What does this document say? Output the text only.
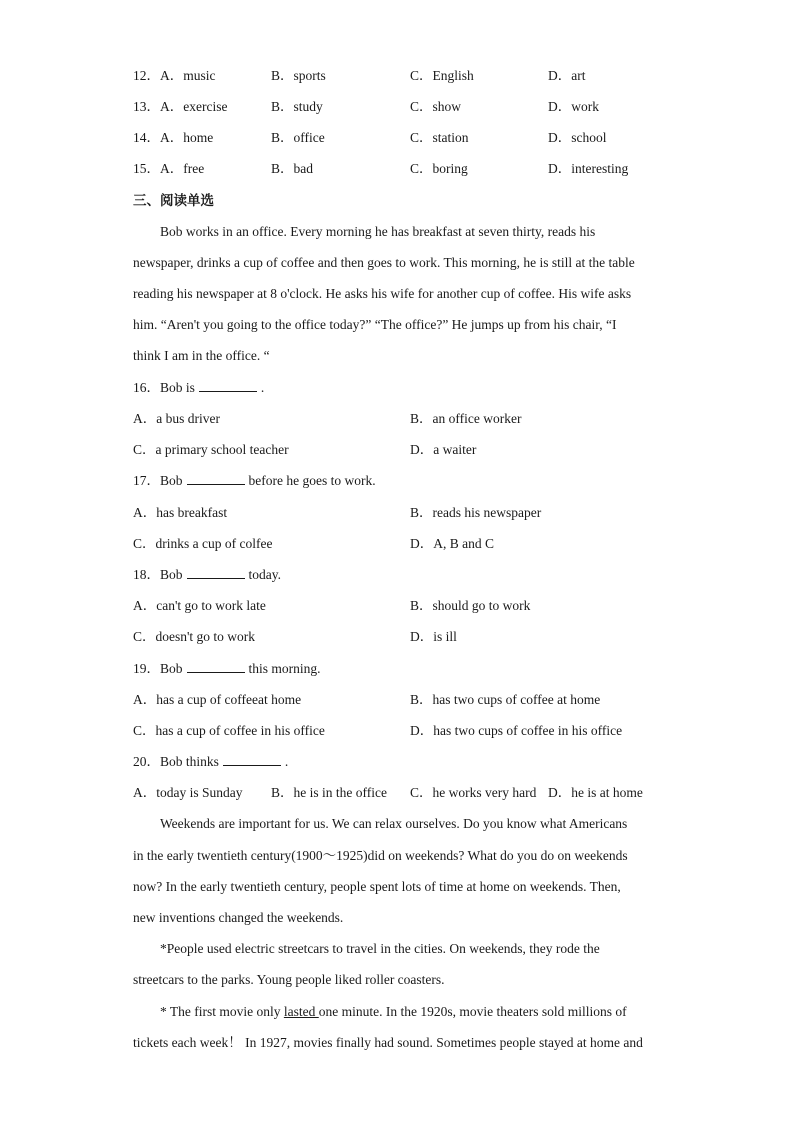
12．A．music	B．sports	C．English	D．art
13．A．exercise	B．study	C．show	D．work
14．A．home	B．office	C．station	D．school
15．A．free	B．bad	C．boring	D．interesting
三、阅读单选
Bob works in an office. Every morning he has breakfast at seven thirty, reads his
newspaper, drinks a cup of coffee and then goes to work. This morning, he is still at the table
reading his newspaper at 8 o'clock. He asks his wife for another cup of coffee. His wife asks
him. “Aren't you going to the office today?” “The office?” He jumps up from his chair, “I
think I am in the office. “
16．Bob is	.
A．a bus driver	B．an office worker
C．a primary school teacher	D．a waiter
17．Bob	before he goes to work.
A．has breakfast	B．reads his newspaper
C．drinks a cup of colfee	D．A, B and C
18．Bob	today.
A．can't go to work late	B．should go to work
C．doesn't go to work	D．is ill
19．Bob	this morning.
A．has a cup of coffeeat home	B．has two cups of coffee at home
C．has a cup of coffee in his office	D．has two cups of coffee in his office
20．Bob thinks	.
A．today is Sunday B．he is in the office C．he works very hard D．he is at home
Weekends are important for us. We can relax ourselves. Do you know what Americans
in the early twentieth century(1900～1925)did on weekends? What do you do on weekends
now? In the early twentieth century, people spent lots of time at home on weekends. Then,
new inventions changed the weekends.
*People used electric streetcars to travel in the cities. On weekends, they rode the
streetcars to the parks. Young people liked roller coasters.
* The first movie only lasted one minute. In the 1920s, movie theaters sold millions of
tickets each week！ In 1927, movies finally had sound. Sometimes people stayed at home and
